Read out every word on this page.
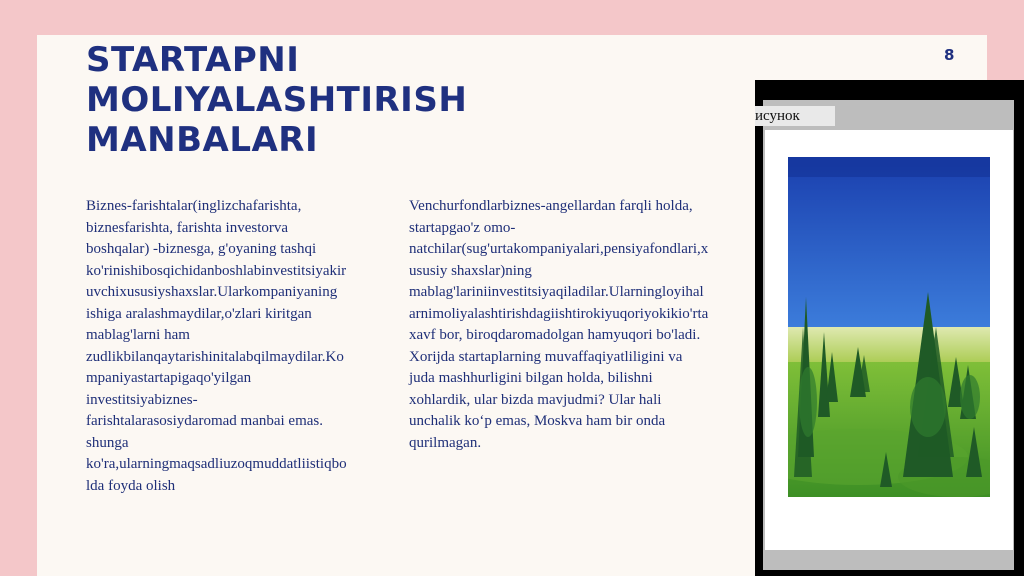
STARTAPNI MOLIYALASHTIRISH MANBALARI
8

Biznes-farishtalar(inglizchafarishta, biznesfarishta, farishta investorva boshqalar) -biznesga, g'oyaning tashqi ko'rinishibosqichidanboshlabinvestitsiyakiruvchixususiyshaxslar.Ularkompaniyaning ishiga aralashmaydilar,o'zlari kiritgan mablag'larni ham zudlikbilanqaytarishinitalabqilmaydilar.Kompaniyastartapigaqo'yilgan investitsiyabiznes-farishtalarasosiydaromad manbai emas. shunga ko'ra,ularningmaqsadliuzoqmuddatliistiqbolda foyda olish

Venchurfondlarbiznes-angellardan farqli holda, startapgao'z omo-natchilar(sug'urtakompaniyalari,pensiyafondlari,xususiy shaxslar)ning mablag'lariniinvestitsiyaqiladilar.Ularningloyihalarnimoliyalashtirishdagiishtirokiyuqoriyokikio'rtaxavf bor, biroqdaromadolgan hamyuqori bo'ladi. Xorijda startaplarning muvaffaqiyatliligini va juda mashhurligini bilgan holda, bilishni xohlardik, ular bizda mavjudmi? Ular hali unchalik ko‘p emas, Moskva ham bir onda qurilmagan.

исунок
